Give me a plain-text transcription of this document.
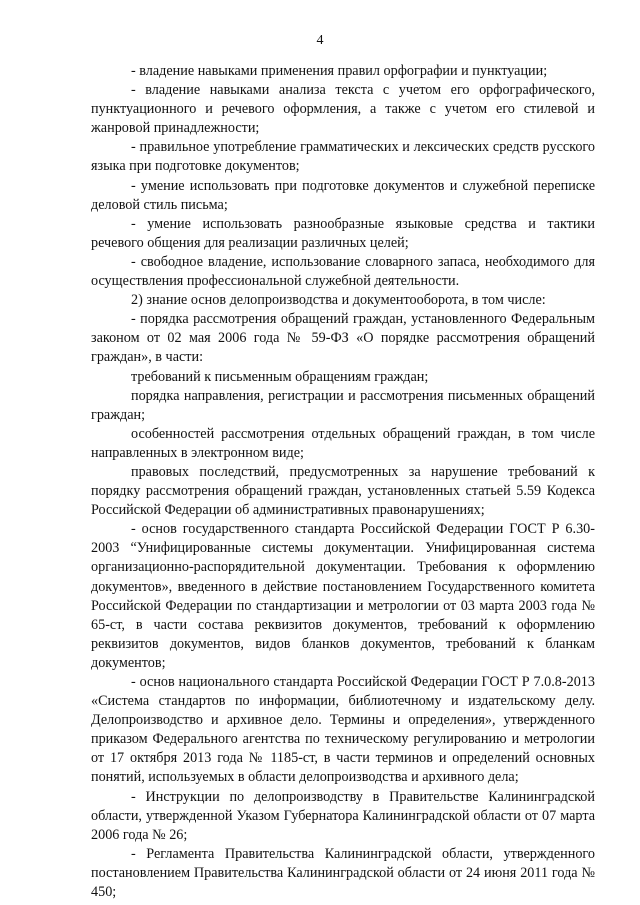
4

- владение навыками применения правил орфографии и пунктуации;

- владение навыками анализа текста с учетом его орфографического, пунктуационного и речевого оформления, а также с учетом его стилевой и жанровой принадлежности;

- правильное употребление грамматических и лексических средств русского языка при подготовке документов;

- умение использовать при подготовке документов и служебной переписке деловой стиль письма;

- умение использовать разнообразные языковые средства и тактики речевого общения для реализации различных целей;

- свободное владение, использование словарного запаса, необходимого для осуществления профессиональной служебной деятельности.

2) знание основ делопроизводства и документооборота, в том числе:

- порядка рассмотрения обращений граждан, установленного Федеральным законом от 02 мая 2006 года № 59-ФЗ «О порядке рассмотрения обращений граждан», в части:

требований к письменным обращениям граждан;

порядка направления, регистрации и рассмотрения письменных обращений граждан;

особенностей рассмотрения отдельных обращений граждан, в том числе направленных в электронном виде;

правовых последствий, предусмотренных за нарушение требований к порядку рассмотрения обращений граждан, установленных статьей 5.59 Кодекса Российской Федерации об административных правонарушениях;

- основ государственного стандарта Российской Федерации ГОСТ Р 6.30-2003 “Унифицированные системы документации. Унифицированная система организационно-распорядительной документации. Требования к оформлению документов», введенного в действие постановлением Государственного комитета Российской Федерации по стандартизации и метрологии от 03 марта 2003 года № 65-ст, в части состава реквизитов документов, требований к оформлению реквизитов документов, видов бланков документов, требований к бланкам документов;

- основ национального стандарта Российской Федерации ГОСТ Р 7.0.8-2013 «Система стандартов по информации, библиотечному и издательскому делу. Делопроизводство и архивное дело. Термины и определения», утвержденного приказом Федерального агентства по техническому регулированию и метрологии от 17 октября 2013 года № 1185-ст, в части терминов и определений основных понятий, используемых в области делопроизводства и архивного дела;

- Инструкции по делопроизводству в Правительстве Калининградской области, утвержденной Указом Губернатора Калининградской области от 07 марта 2006 года № 26;

- Регламента Правительства Калининградской области, утвержденного постановлением Правительства Калининградской области от 24 июня 2011 года № 450;
